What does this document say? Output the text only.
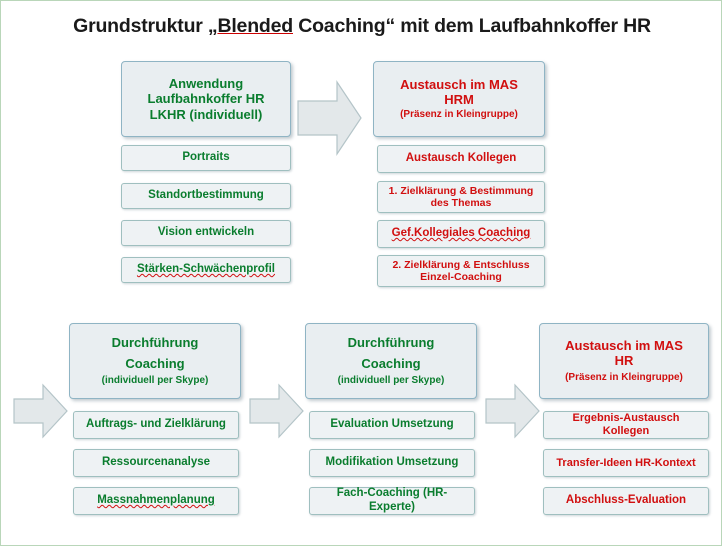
Grundstruktur „Blended Coaching“ mit dem Laufbahnkoffer HR
Anwendung
Laufbahnkoffer HR
LKHR (individuell)
Portraits
Standortbestimmung
Vision entwickeln
Stärken-Schwächenprofil
Austausch im MAS
HRM
(Präsenz in Kleingruppe)
Austausch Kollegen
1. Zielklärung & Bestimmung des Themas
Gef.Kollegiales Coaching
2. Zielklärung & Entschluss Einzel-Coaching
Durchführung
Coaching
(individuell per Skype)
Auftrags- und Zielklärung
Ressourcenanalyse
Massnahmenplanung
Durchführung
Coaching
(individuell per Skype)
Evaluation Umsetzung
Modifikation Umsetzung
Fach-Coaching (HR-Experte)
Austausch im MAS
HR
(Präsenz in Kleingruppe)
Ergebnis-Austausch Kollegen
Transfer-Ideen HR-Kontext
Abschluss-Evaluation
